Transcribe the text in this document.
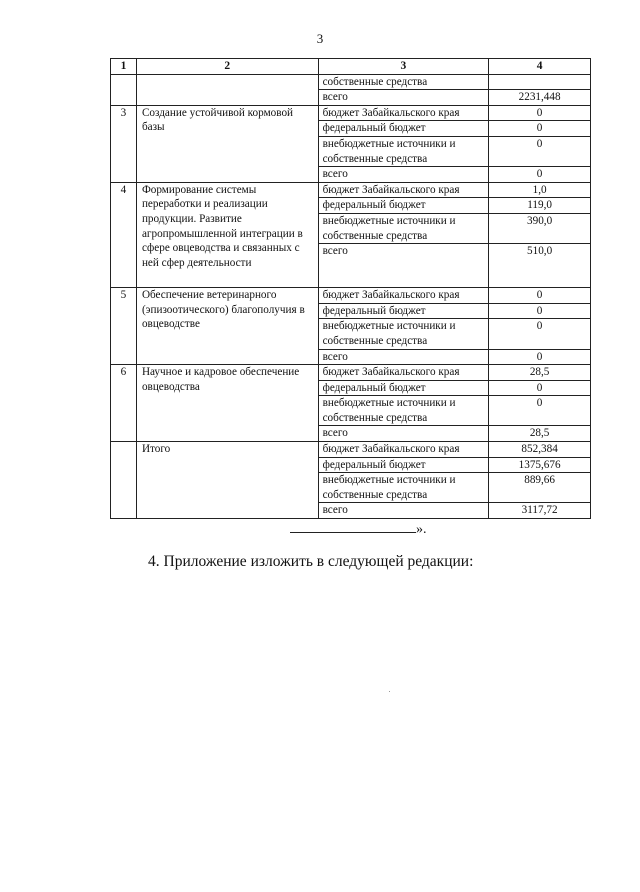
3
1	2	3	4
		собственные средства	
		всего	2231,448
3	Создание устойчивой кормовой базы	бюджет Забайкальского края	0
		федеральный бюджет	0
		внебюджетные источники и собственные средства	0
		всего	0
4	Формирование системы переработки и реализации продукции. Развитие агропромышленной интеграции в сфере овцеводства и связанных с ней сфер деятельности	бюджет Забайкальского края	1,0
		федеральный бюджет	119,0
		внебюджетные источники и собственные средства	390,0
		всего	510,0
5	Обеспечение ветеринарного (эпизоотического) благополучия в овцеводстве	бюджет Забайкальского края	0
		федеральный бюджет	0
		внебюджетные источники и собственные средства	0
		всего	0
6	Научное и кадровое обеспечение овцеводства	бюджет Забайкальского края	28,5
		федеральный бюджет	0
		внебюджетные источники и собственные средства	0
		всего	28,5
	Итого	бюджет Забайкальского края	852,384
		федеральный бюджет	1375,676
		внебюджетные источники и собственные средства	889,66
		всего	3117,72
».
4. Приложение изложить в следующей редакции:
